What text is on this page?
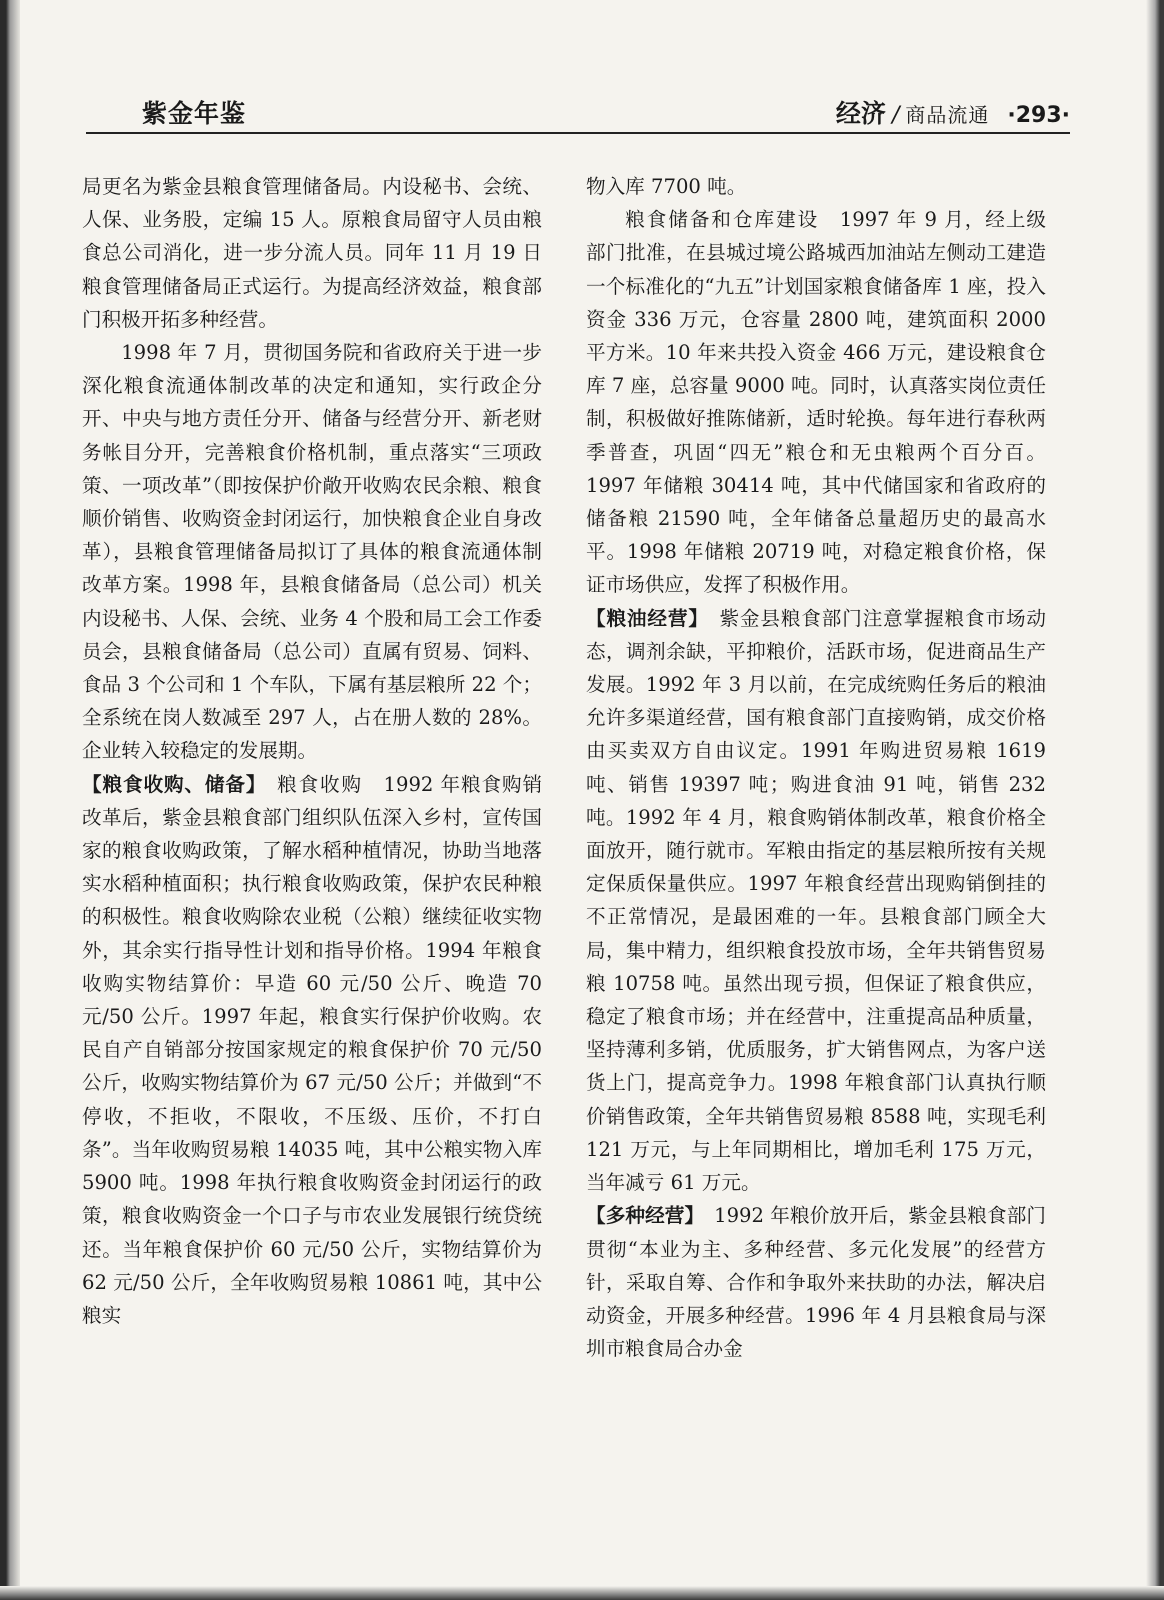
紫金年鉴	经济 / 商品流通 ·293·

局更名为紫金县粮食管理储备局。内设秘书、会统、人保、业务股，定编 15 人。原粮食局留守人员由粮食总公司消化，进一步分流人员。同年 11 月 19 日粮食管理储备局正式运行。为提高经济效益，粮食部门积极开拓多种经营。

1998 年 7 月，贯彻国务院和省政府关于进一步深化粮食流通体制改革的决定和通知，实行政企分开、中央与地方责任分开、储备与经营分开、新老财务帐目分开，完善粮食价格机制，重点落实“三项政策、一项改革”（即按保护价敞开收购农民余粮、粮食顺价销售、收购资金封闭运行，加快粮食企业自身改革），县粮食管理储备局拟订了具体的粮食流通体制改革方案。1998 年，县粮食储备局（总公司）机关内设秘书、人保、会统、业务 4 个股和局工会工作委员会，县粮食储备局（总公司）直属有贸易、饲料、食品 3 个公司和 1 个车队，下属有基层粮所 22 个；全系统在岗人数减至 297 人，占在册人数的 28%。企业转入较稳定的发展期。

【粮食收购、储备】　 粮食收购　 1992 年粮食购销改革后，紫金县粮食部门组织队伍深入乡村，宣传国家的粮食收购政策，了解水稻种植情况，协助当地落实水稻种植面积；执行粮食收购政策，保护农民种粮的积极性。粮食收购除农业税（公粮）继续征收实物外，其余实行指导性计划和指导价格。1994 年粮食收购实物结算价：早造 60 元/50 公斤、晚造 70 元/50 公斤。1997 年起，粮食实行保护价收购。农民自产自销部分按国家规定的粮食保护价 70 元/50 公斤，收购实物结算价为 67 元/50 公斤；并做到“不停收，不拒收，不限收，不压级、压价，不打白条”。当年收购贸易粮 14035 吨，其中公粮实物入库 5900 吨。1998 年执行粮食收购资金封闭运行的政策，粮食收购资金一个口子与市农业发展银行统贷统还。当年粮食保护价 60 元/50 公斤，实物结算价为 62 元/50 公斤，全年收购贸易粮 10861 吨，其中公粮实

物入库 7700 吨。

粮食储备和仓库建设　 1997 年 9 月，经上级部门批准，在县城过境公路城西加油站左侧动工建造一个标准化的“九五”计划国家粮食储备库 1 座，投入资金 336 万元，仓容量 2800 吨，建筑面积 2000 平方米。10 年来共投入资金 466 万元，建设粮食仓库 7 座，总容量 9000 吨。同时，认真落实岗位责任制，积极做好推陈储新，适时轮换。每年进行春秋两季普查，巩固“四无”粮仓和无虫粮两个百分百。1997 年储粮 30414 吨，其中代储国家和省政府的储备粮 21590 吨，全年储备总量超历史的最高水平。1998 年储粮 20719 吨，对稳定粮食价格，保证市场供应，发挥了积极作用。

【粮油经营】　 紫金县粮食部门注意掌握粮食市场动态，调剂余缺，平抑粮价，活跃市场，促进商品生产发展。1992 年 3 月以前，在完成统购任务后的粮油允许多渠道经营，国有粮食部门直接购销，成交价格由买卖双方自由议定。1991 年购进贸易粮 1619 吨、销售 19397 吨；购进食油 91 吨，销售 232 吨。1992 年 4 月，粮食购销体制改革，粮食价格全面放开，随行就市。军粮由指定的基层粮所按有关规定保质保量供应。1997 年粮食经营出现购销倒挂的不正常情况，是最困难的一年。县粮食部门顾全大局，集中精力，组织粮食投放市场，全年共销售贸易粮 10758 吨。虽然出现亏损，但保证了粮食供应，稳定了粮食市场；并在经营中，注重提高品种质量，坚持薄利多销，优质服务，扩大销售网点，为客户送货上门，提高竞争力。1998 年粮食部门认真执行顺价销售政策，全年共销售贸易粮 8588 吨，实现毛利 121 万元，与上年同期相比，增加毛利 175 万元，当年减亏 61 万元。

【多种经营】　 1992 年粮价放开后，紫金县粮食部门贯彻“本业为主、多种经营、多元化发展”的经营方针，采取自筹、合作和争取外来扶助的办法，解决启动资金，开展多种经营。1996 年 4 月县粮食局与深圳市粮食局合办金
